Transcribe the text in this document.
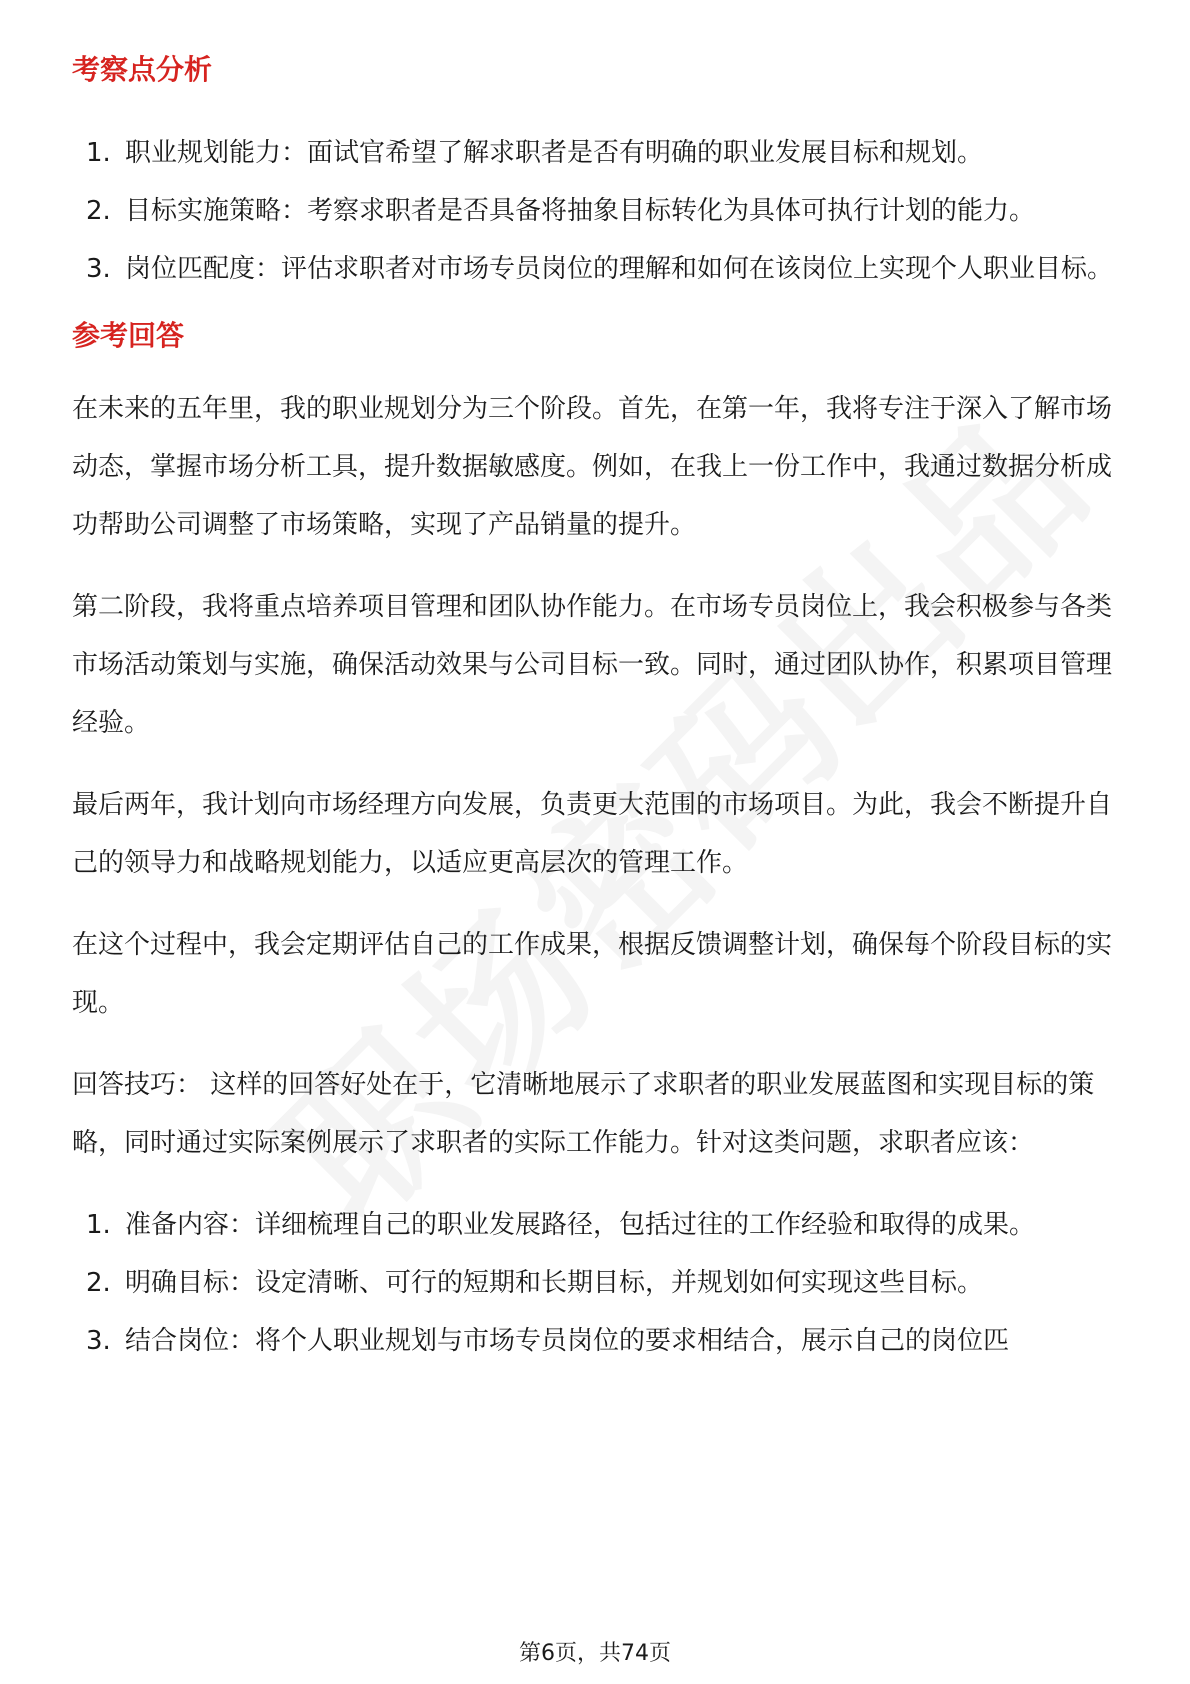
考察点分析
1. 职业规划能力：面试官希望了解求职者是否有明确的职业发展目标和规划。
2. 目标实施策略：考察求职者是否具备将抽象目标转化为具体可执行计划的能力。
3. 岗位匹配度：评估求职者对市场专员岗位的理解和如何在该岗位上实现个人职业目标。
参考回答

在未来的五年里，我的职业规划分为三个阶段。首先，在第一年，我将专注于深入了解市场动态，掌握市场分析工具，提升数据敏感度。例如，在我上一份工作中，我通过数据分析成功帮助公司调整了市场策略，实现了产品销量的提升。

第二阶段，我将重点培养项目管理和团队协作能力。在市场专员岗位上，我会积极参与各类市场活动策划与实施，确保活动效果与公司目标一致。同时，通过团队协作，积累项目管理经验。

最后两年，我计划向市场经理方向发展，负责更大范围的市场项目。为此，我会不断提升自己的领导力和战略规划能力，以适应更高层次的管理工作。

在这个过程中，我会定期评估自己的工作成果，根据反馈调整计划，确保每个阶段目标的实现。

回答技巧： 这样的回答好处在于，它清晰地展示了求职者的职业发展蓝图和实现目标的策略，同时通过实际案例展示了求职者的实际工作能力。针对这类问题，求职者应该：

1. 准备内容：详细梳理自己的职业发展路径，包括过往的工作经验和取得的成果。
2. 明确目标：设定清晰、可行的短期和长期目标，并规划如何实现这些目标。
3. 结合岗位：将个人职业规划与市场专员岗位的要求相结合，展示自己的岗位匹
第6页，共74页
